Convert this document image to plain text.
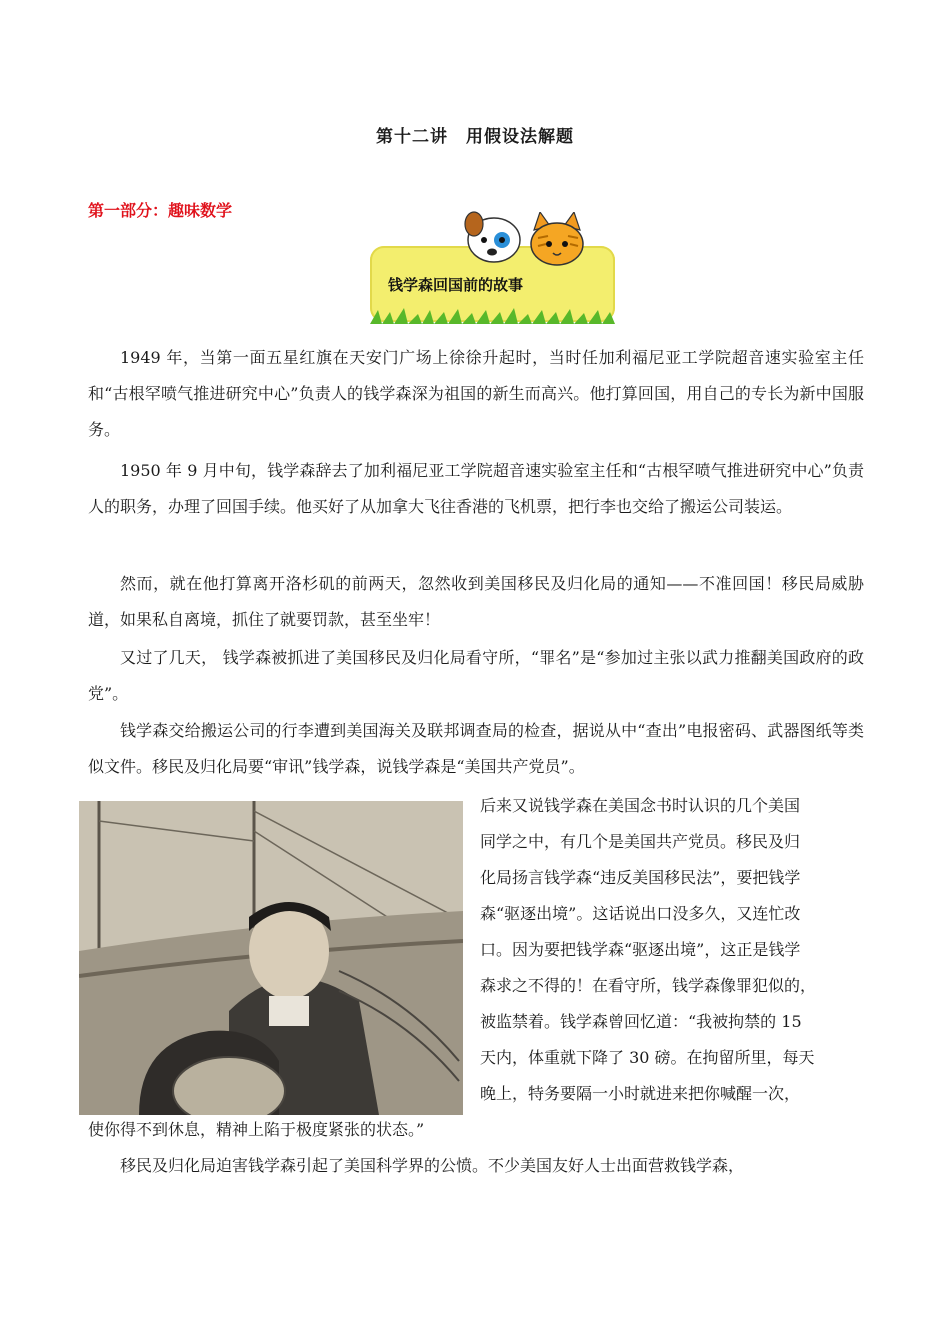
第十二讲　用假设法解题
第一部分：趣味数学
钱学森回国前的故事

1949 年，当第一面五星红旗在天安门广场上徐徐升起时，当时任加利福尼亚工学院超音速实验室主任和“古根罕喷气推进研究中心”负责人的钱学森深为祖国的新生而高兴。他打算回国，用自己的专长为新中国服务。

1950 年 9 月中旬，钱学森辞去了加利福尼亚工学院超音速实验室主任和“古根罕喷气推进研究中心”负责人的职务，办理了回国手续。他买好了从加拿大飞往香港的飞机票，把行李也交给了搬运公司装运。

然而，就在他打算离开洛杉矶的前两天，忽然收到美国移民及归化局的通知——不准回国！移民局威胁道，如果私自离境，抓住了就要罚款，甚至坐牢！

又过了几天， 钱学森被抓进了美国移民及归化局看守所，“罪名”是“参加过主张以武力推翻美国政府的政党”。

钱学森交给搬运公司的行李遭到美国海关及联邦调查局的检查，据说从中“查出”电报密码、武器图纸等类似文件。移民及归化局要“审讯”钱学森，说钱学森是“美国共产党员”。

后来又说钱学森在美国念书时认识的几个美国

同学之中，有几个是美国共产党员。移民及归

化局扬言钱学森“违反美国移民法”，要把钱学

森“驱逐出境”。这话说出口没多久，又连忙改

口。因为要把钱学森“驱逐出境”，这正是钱学

森求之不得的！在看守所，钱学森像罪犯似的，

被监禁着。钱学森曾回忆道：“我被拘禁的 15

天内，体重就下降了 30 磅。在拘留所里，每天

晚上，特务要隔一小时就进来把你喊醒一次，

使你得不到休息，精神上陷于极度紧张的状态。”

移民及归化局迫害钱学森引起了美国科学界的公愤。不少美国友好人士出面营救钱学森，
